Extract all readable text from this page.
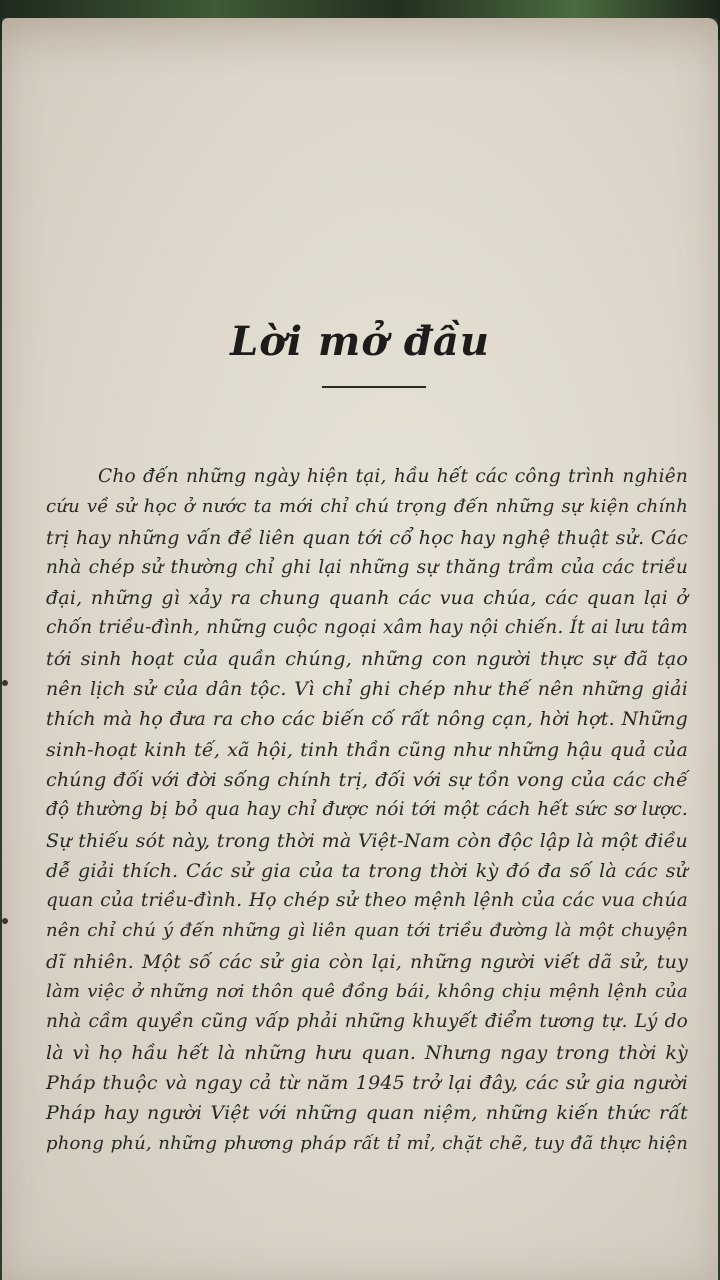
Lời mở đầu
Cho đến những ngày hiện tại, hầu hết các công trình nghiên
cứu về sử học ở nước ta mới chỉ chú trọng đến những sự kiện chính
trị hay những vấn đề liên quan tới cổ học hay nghệ thuật sử. Các
nhà chép sử thường chỉ ghi lại những sự thăng trầm của các triều
đại, những gì xảy ra chung quanh các vua chúa, các quan lại ở
chốn triều-đình, những cuộc ngoại xâm hay nội chiến. Ít ai lưu tâm
tới sinh hoạt của quần chúng, những con người thực sự đã tạo
nên lịch sử của dân tộc. Vì chỉ ghi chép như thế nên những giải
thích mà họ đưa ra cho các biến cố rất nông cạn, hời hợt. Những
sinh-hoạt kinh tế, xã hội, tinh thần cũng như những hậu quả của
chúng đối với đời sống chính trị, đối với sự tồn vong của các chế
độ thường bị bỏ qua hay chỉ được nói tới một cách hết sức sơ lược.
Sự thiếu sót này, trong thời mà Việt-Nam còn độc lập là một điều
dễ giải thích. Các sử gia của ta trong thời kỳ đó đa số là các sử
quan của triều-đình. Họ chép sử theo mệnh lệnh của các vua chúa
nên chỉ chú ý đến những gì liên quan tới triều đường là một chuyện
dĩ nhiên. Một số các sử gia còn lại, những người viết dã sử, tuy
làm việc ở những nơi thôn quê đồng bái, không chịu mệnh lệnh của
nhà cầm quyền cũng vấp phải những khuyết điểm tương tự. Lý do
là vì họ hầu hết là những hưu quan. Nhưng ngay trong thời kỳ
Pháp thuộc và ngay cả từ năm 1945 trở lại đây, các sử gia người
Pháp hay người Việt với những quan niệm, những kiến thức rất
phong phú, những phương pháp rất tỉ mỉ, chặt chẽ, tuy đã thực hiện
